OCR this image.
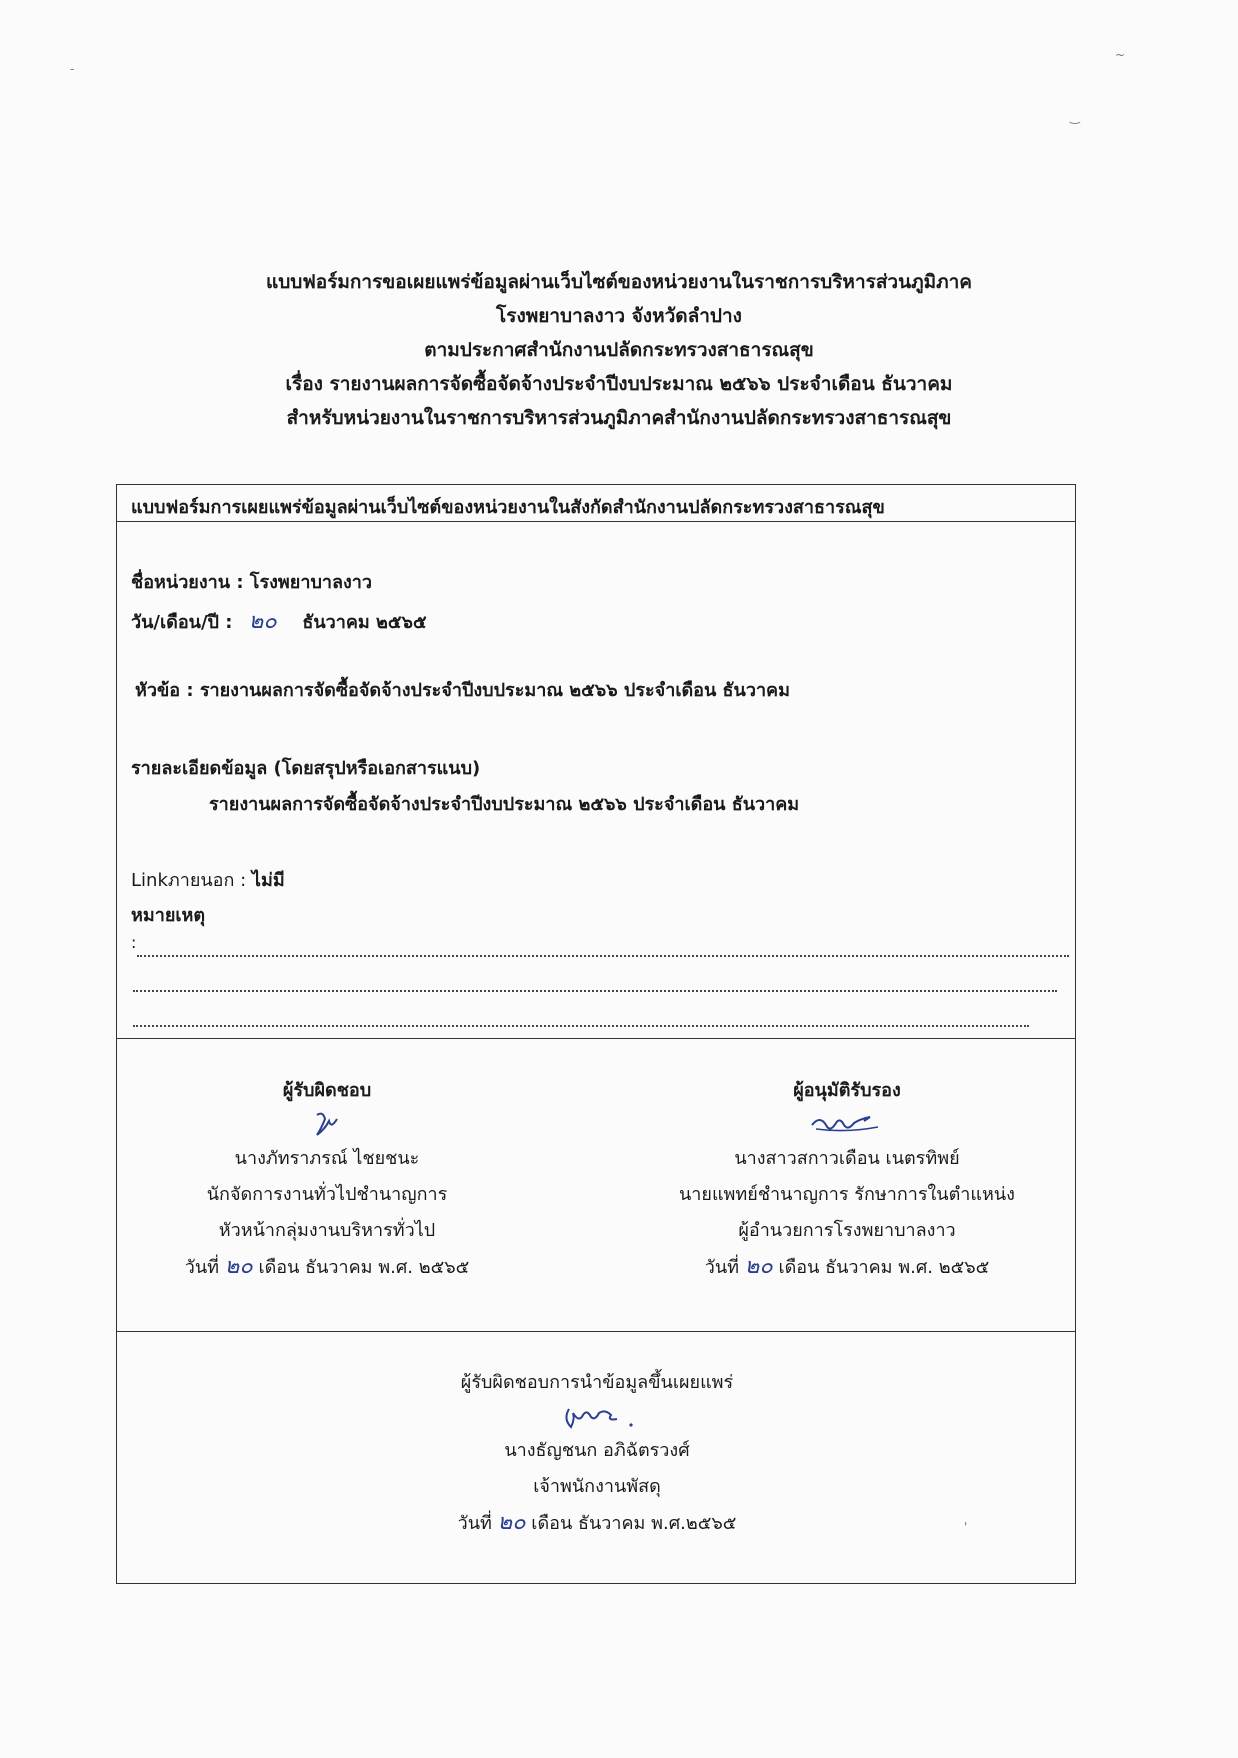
แบบฟอร์มการขอเผยแพร่ข้อมูลผ่านเว็บไซต์ของหน่วยงานในราชการบริหารส่วนภูมิภาค
โรงพยาบาลงาว จังหวัดลำปาง
ตามประกาศสำนักงานปลัดกระทรวงสาธารณสุข
เรื่อง รายงานผลการจัดซื้อจัดจ้างประจำปีงบประมาณ ๒๕๖๖ ประจำเดือน ธันวาคม
สำหรับหน่วยงานในราชการบริหารส่วนภูมิภาคสำนักงานปลัดกระทรวงสาธารณสุข
แบบฟอร์มการเผยแพร่ข้อมูลผ่านเว็บไซต์ของหน่วยงานในสังกัดสำนักงานปลัดกระทรวงสาธารณสุข
ชื่อหน่วยงาน : โรงพยาบาลงาว
วัน/เดือน/ปี : ๒๐ ธันวาคม ๒๕๖๕
หัวข้อ : รายงานผลการจัดซื้อจัดจ้างประจำปีงบประมาณ ๒๕๖๖ ประจำเดือน ธันวาคม
รายละเอียดข้อมูล (โดยสรุปหรือเอกสารแนบ)
รายงานผลการจัดซื้อจัดจ้างประจำปีงบประมาณ ๒๕๖๖ ประจำเดือน ธันวาคม
Linkภายนอก : ไม่มี
หมายเหตุ
:
ผู้รับผิดชอบ
นางภัทราภรณ์ ไชยชนะ
นักจัดการงานทั่วไปชำนาญการ
หัวหน้ากลุ่มงานบริหารทั่วไป
วันที่ ๒๐ เดือน ธันวาคม พ.ศ. ๒๕๖๕
ผู้อนุมัติรับรอง
นางสาวสกาวเดือน เนตรทิพย์
นายแพทย์ชำนาญการ รักษาการในตำแหน่ง
ผู้อำนวยการโรงพยาบาลงาว
วันที่ ๒๐ เดือน ธันวาคม พ.ศ. ๒๕๖๕
ผู้รับผิดชอบการนำข้อมูลขึ้นเผยแพร่
นางธัญชนก อภิฉัตรวงศ์
เจ้าพนักงานพัสดุ
วันที่ ๒๐ เดือน ธันวาคม พ.ศ.๒๕๖๕
-
~
‿
'
